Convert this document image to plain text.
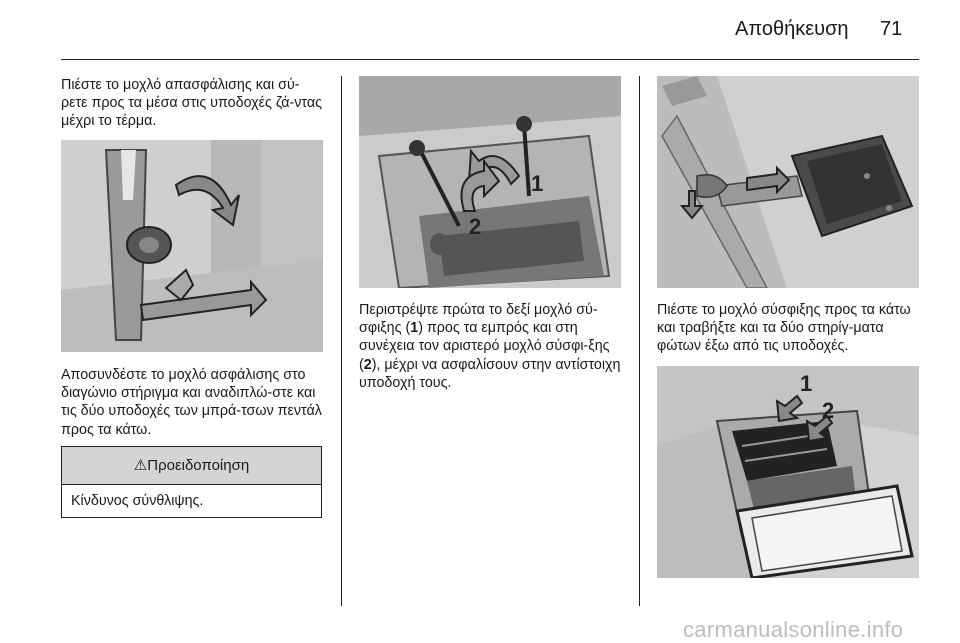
Αποθήκευση 71

Πιέστε το μοχλό απασφάλισης και σύ-ρετε προς τα μέσα στις υποδοχές ζά-ντας μέχρι το τέρμα.

Αποσυνδέστε το μοχλό ασφάλισης στο διαγώνιο στήριγμα και αναδιπλώ-στε και τις δύο υποδοχές των μπρά-τσων πεντάλ προς τα κάτω.

⚠Προειδοποίηση
Κίνδυνος σύνθλιψης.
1
2

Περιστρέψτε πρώτα το δεξί μοχλό σύ-σφιξης (1) προς τα εμπρός και στη συνέχεια τον αριστερό μοχλό σύσφι-ξης (2), μέχρι να ασφαλίσουν στην αντίστοιχη υποδοχή τους.

Πιέστε το μοχλό σύσφιξης προς τα κάτω και τραβήξτε και τα δύο στηρίγ-ματα φώτων έξω από τις υποδοχές.

1
2
carmanualsonline.info
